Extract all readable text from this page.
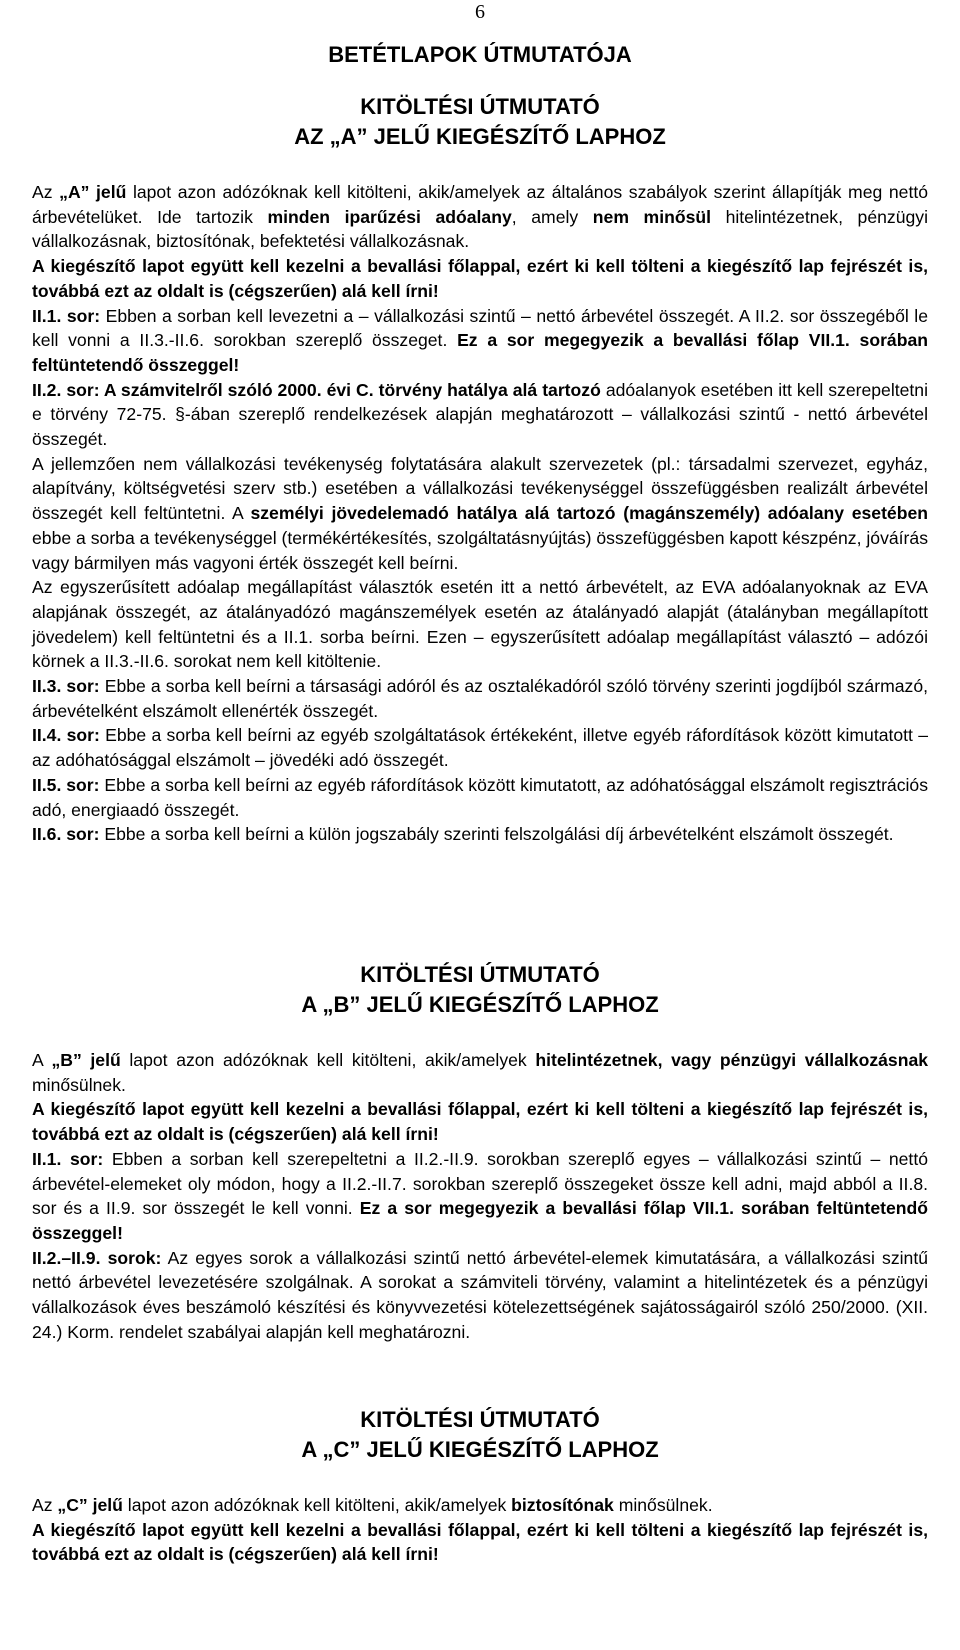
6
BETÉTLAPOK ÚTMUTATÓJA
KITÖLTÉSI ÚTMUTATÓ
AZ „A” JELŰ KIEGÉSZÍTŐ LAPHOZ

Az „A” jelű lapot azon adózóknak kell kitölteni, akik/amelyek az általános szabályok szerint állapítják meg nettó árbevételüket. Ide tartozik minden iparűzési adóalany, amely nem minősül hitelintézetnek, pénzügyi vállalkozásnak, biztosítónak, befektetési vállalkozásnak.

A kiegészítő lapot együtt kell kezelni a bevallási főlappal, ezért ki kell tölteni a kiegészítő lap fejrészét is, továbbá ezt az oldalt is (cégszerűen) alá kell írni!

II.1. sor: Ebben a sorban kell levezetni a – vállalkozási szintű – nettó árbevétel összegét. A II.2. sor összegéből le kell vonni a II.3.-II.6. sorokban szereplő összeget. Ez a sor megegyezik a bevallási főlap VII.1. sorában feltüntetendő összeggel!

II.2. sor: A számvitelről szóló 2000. évi C. törvény hatálya alá tartozó adóalanyok esetében itt kell szerepeltetni e törvény 72-75. §-ában szereplő rendelkezések alapján meghatározott – vállalkozási szintű - nettó árbevétel összegét.

A jellemzően nem vállalkozási tevékenység folytatására alakult szervezetek (pl.: társadalmi szervezet, egyház, alapítvány, költségvetési szerv stb.) esetében a vállalkozási tevékenységgel összefüggésben realizált árbevétel összegét kell feltüntetni. A személyi jövedelemadó hatálya alá tartozó (magánszemély) adóalany esetében ebbe a sorba a tevékenységgel (termékértékesítés, szolgáltatásnyújtás) összefüggésben kapott készpénz, jóváírás vagy bármilyen más vagyoni érték összegét kell beírni.

Az egyszerűsített adóalap megállapítást választók esetén itt a nettó árbevételt, az EVA adóalanyoknak az EVA alapjának összegét, az átalányadózó magánszemélyek esetén az átalányadó alapját (átalányban megállapított jövedelem) kell feltüntetni és a II.1. sorba beírni. Ezen – egyszerűsített adóalap megállapítást választó – adózói körnek a II.3.-II.6. sorokat nem kell kitöltenie.

II.3. sor: Ebbe a sorba kell beírni a társasági adóról és az osztalékadóról szóló törvény szerinti jogdíjból származó, árbevételként elszámolt ellenérték összegét.

II.4. sor: Ebbe a sorba kell beírni az egyéb szolgáltatások értékeként, illetve egyéb ráfordítások között kimutatott – az adóhatósággal elszámolt – jövedéki adó összegét.

II.5. sor: Ebbe a sorba kell beírni az egyéb ráfordítások között kimutatott, az adóhatósággal elszámolt regisztrációs adó, energiaadó összegét.

II.6. sor: Ebbe a sorba kell beírni a külön jogszabály szerinti felszolgálási díj árbevételként elszámolt összegét.

KITÖLTÉSI ÚTMUTATÓ
A „B” JELŰ KIEGÉSZÍTŐ LAPHOZ

A „B” jelű lapot azon adózóknak kell kitölteni, akik/amelyek hitelintézetnek, vagy pénzügyi vállalkozásnak minősülnek.

A kiegészítő lapot együtt kell kezelni a bevallási főlappal, ezért ki kell tölteni a kiegészítő lap fejrészét is, továbbá ezt az oldalt is (cégszerűen) alá kell írni!

II.1. sor: Ebben a sorban kell szerepeltetni a II.2.-II.9. sorokban szereplő egyes – vállalkozási szintű – nettó árbevétel-elemeket oly módon, hogy a II.2.-II.7. sorokban szereplő összegeket össze kell adni, majd abból a II.8. sor és a II.9. sor összegét le kell vonni. Ez a sor megegyezik a bevallási főlap VII.1. sorában feltüntetendő összeggel!

II.2.–II.9. sorok: Az egyes sorok a vállalkozási szintű nettó árbevétel-elemek kimutatására, a vállalkozási szintű nettó árbevétel levezetésére szolgálnak. A sorokat a számviteli törvény, valamint a hitelintézetek és a pénzügyi vállalkozások éves beszámoló készítési és könyvvezetési kötelezettségének sajátosságairól szóló 250/2000. (XII. 24.) Korm. rendelet szabályai alapján kell meghatározni.

KITÖLTÉSI ÚTMUTATÓ
A „C” JELŰ KIEGÉSZÍTŐ LAPHOZ

Az „C” jelű lapot azon adózóknak kell kitölteni, akik/amelyek biztosítónak minősülnek.

A kiegészítő lapot együtt kell kezelni a bevallási főlappal, ezért ki kell tölteni a kiegészítő lap fejrészét is, továbbá ezt az oldalt is (cégszerűen) alá kell írni!
